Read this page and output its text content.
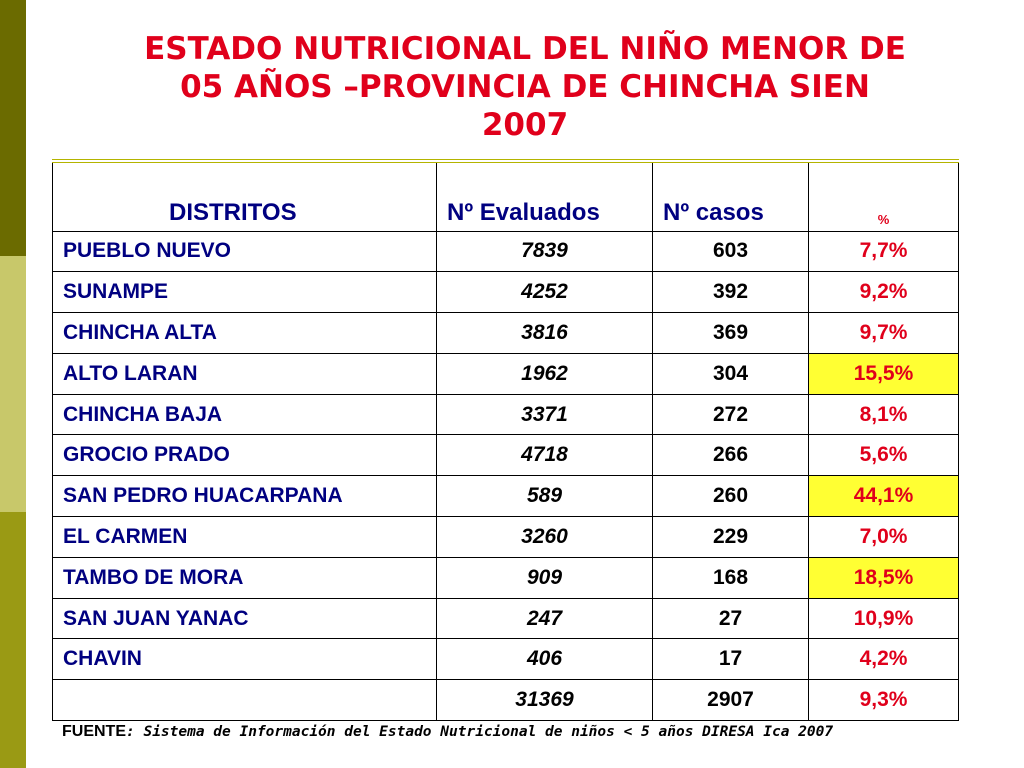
ESTADO NUTRICIONAL DEL NIÑO MENOR DE
05 AÑOS –PROVINCIA DE CHINCHA SIEN
2007
DISTRITOS	Nº Evaluados	Nº casos	%
PUEBLO NUEVO	7839	603	7,7%
SUNAMPE	4252	392	9,2%
CHINCHA ALTA	3816	369	9,7%
ALTO LARAN	1962	304	15,5%
CHINCHA BAJA	3371	272	8,1%
GROCIO PRADO	4718	266	5,6%
SAN PEDRO HUACARPANA	589	260	44,1%
EL CARMEN	3260	229	7,0%
TAMBO DE MORA	909	168	18,5%
SAN JUAN YANAC	247	27	10,9%
CHAVIN	406	17	4,2%
	31369	2907	9,3%
FUENTE: Sistema de Información del Estado Nutricional de niños < 5 años DIRESA Ica 2007
